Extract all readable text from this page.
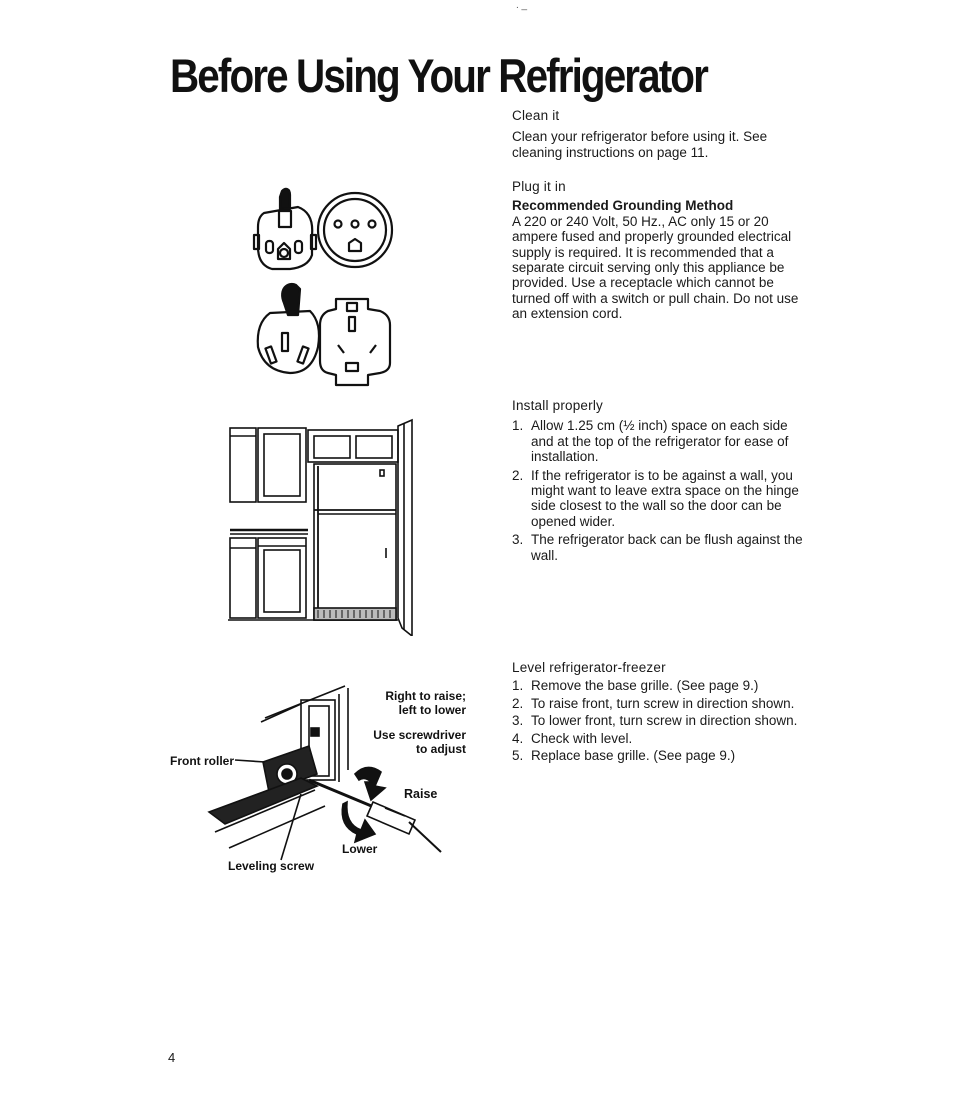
. _
Before Using Your Refrigerator

Clean it

Clean your refrigerator before using it. See cleaning instructions on page 11.

Plug it in

Recommended Grounding Method

A 220 or 240 Volt, 50 Hz., AC only 15 or 20 ampere fused and properly grounded electrical supply is required. It is recommended that a separate circuit serving only this appliance be provided. Use a receptacle which cannot be turned off with a switch or pull chain. Do not use an extension cord.

Install properly

1. Allow 1.25 cm (½ inch) space on each side and at the top of the refrigerator for ease of installation.
2. If the refrigerator is to be against a wall, you might want to leave extra space on the hinge side closest to the wall so the door can be opened wider.
3. The refrigerator back can be flush against the wall.

Level refrigerator-freezer

1. Remove the base grille. (See page 9.)
2. To raise front, turn screw in direction shown.
3. To lower front, turn screw in direction shown.
4. Check with level.
5. Replace base grille. (See page 9.)
Right to raise;
left to lower
Use screwdriver
to adjust
Front roller
Raise
Lower
Leveling screw
4
